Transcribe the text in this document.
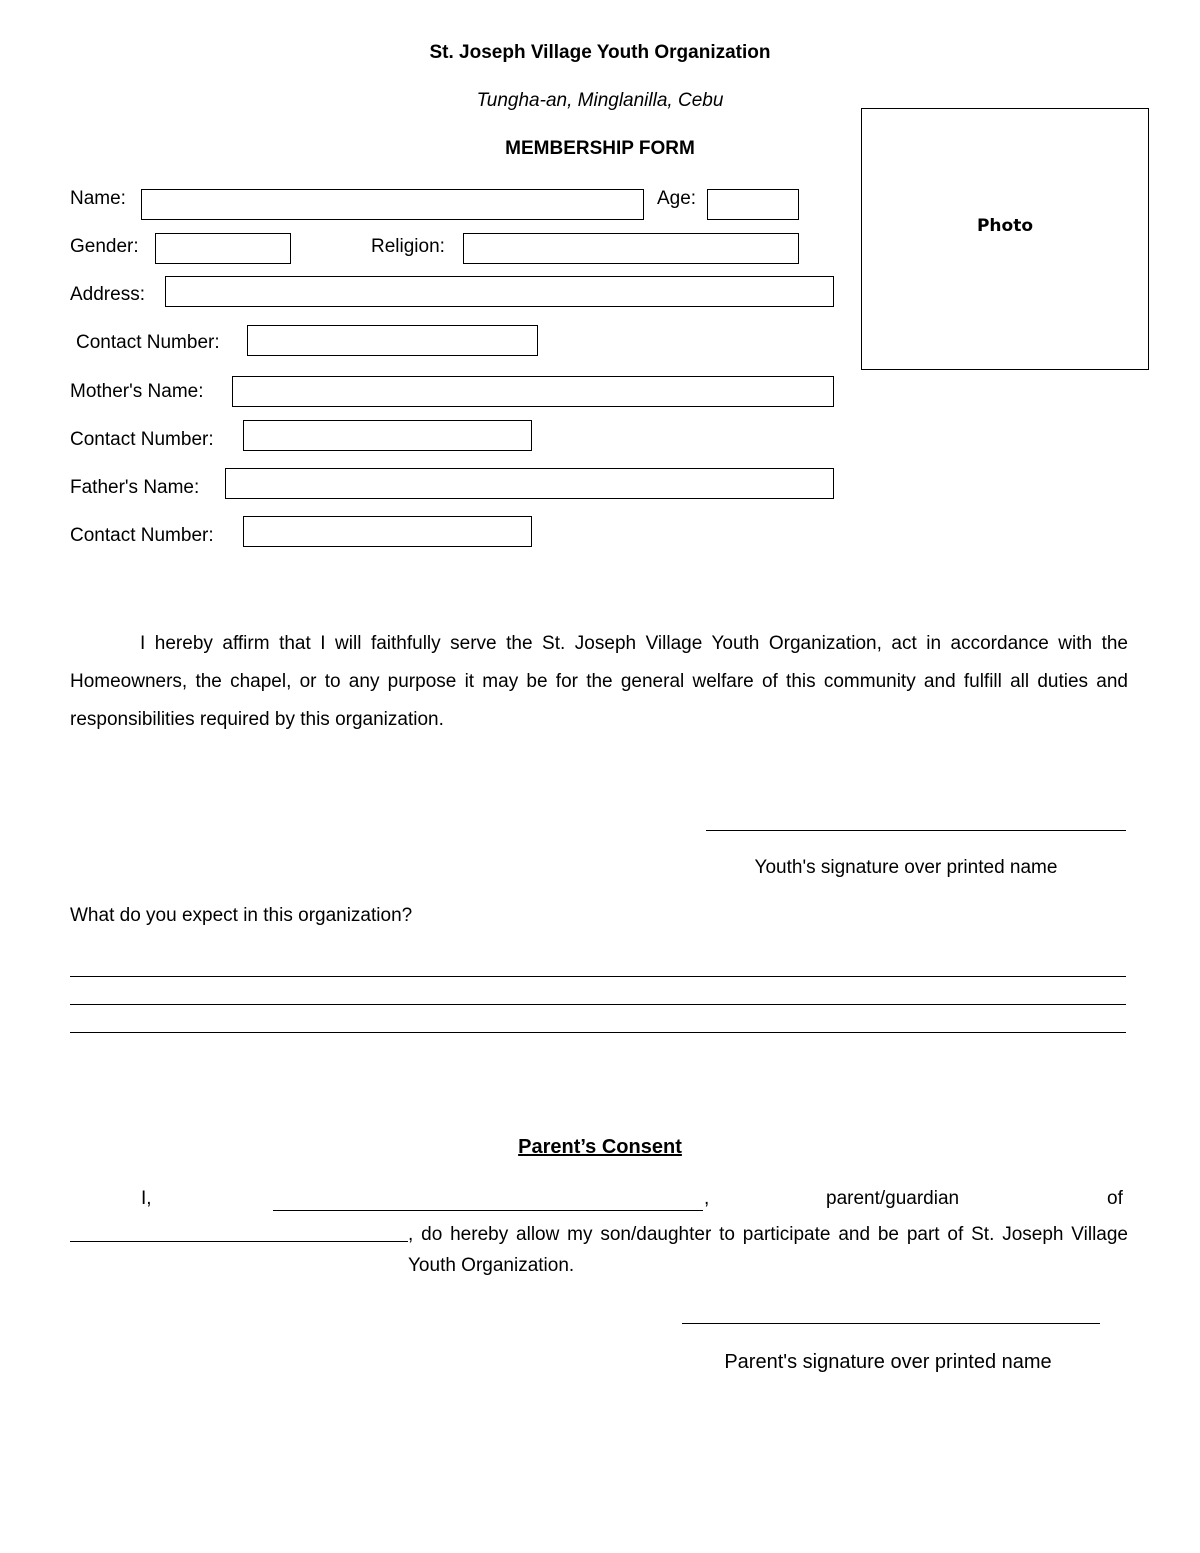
St. Joseph Village Youth Organization
Tungha-an, Minglanilla, Cebu
MEMBERSHIP FORM
Photo
Name:	Age:
Gender:	Religion:
Address:
Contact Number:
Mother's Name:
Contact Number:
Father's Name:
Contact Number:
I hereby affirm that I will faithfully serve the St. Joseph Village Youth Organization, act in accordance with the Homeowners, the chapel, or to any purpose it may be for the general welfare of this community and fulfill all duties and responsibilities required by this organization.
Youth's signature over printed name
What do you expect in this organization?
Parent’s Consent
I,	,	parent/guardian	of
, do hereby allow my son/daughter to participate and be part of St. Joseph Village Youth Organization.
Parent's signature over printed name
